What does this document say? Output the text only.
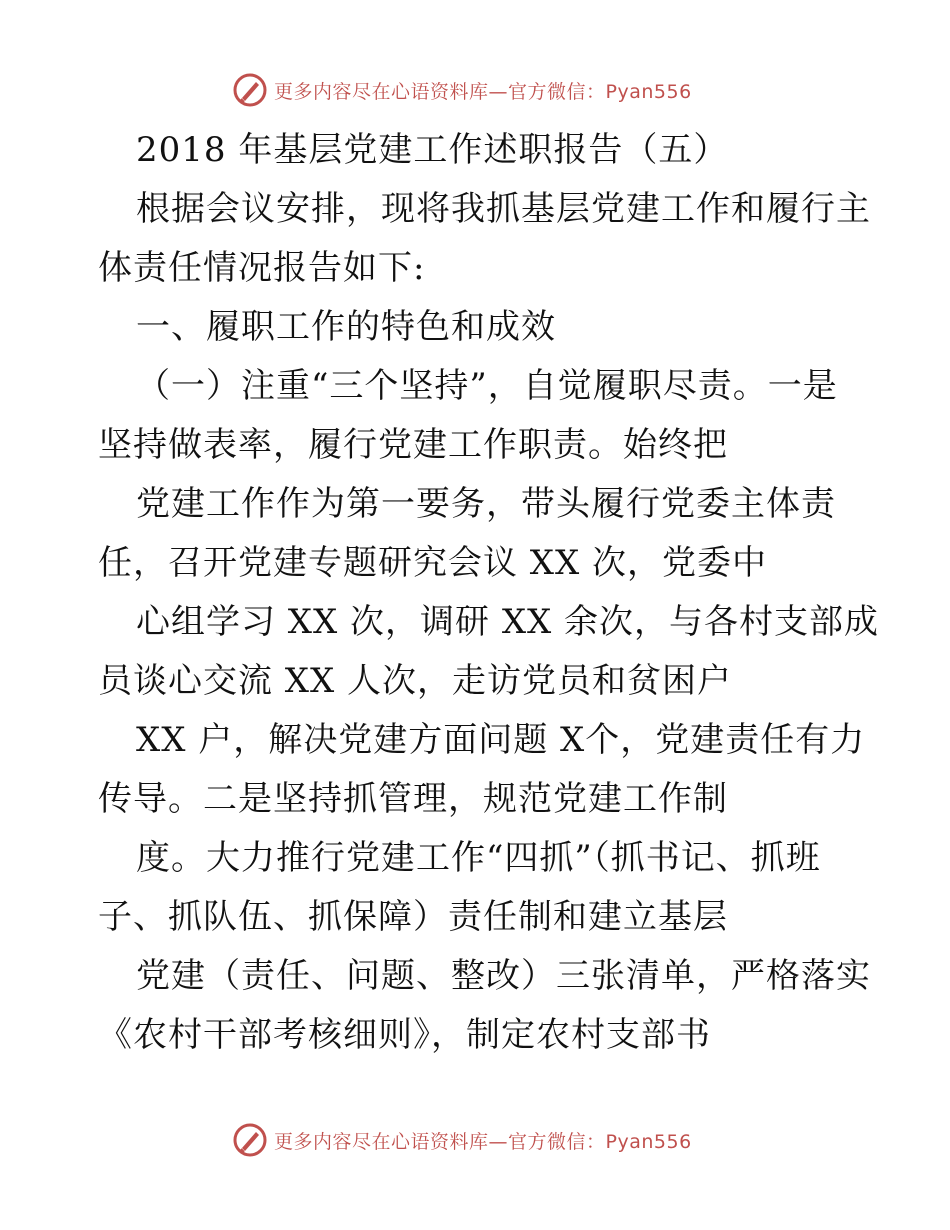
更多内容尽在心语资料库—官方微信：Pyan556
2018 年基层党建工作述职报告（五）
根据会议安排，现将我抓基层党建工作和履行主
体责任情况报告如下:
一、履职工作的特色和成效
（一）注重“三个坚持”，自觉履职尽责。一是
坚持做表率，履行党建工作职责。始终把
党建工作作为第一要务，带头履行党委主体责
任，召开党建专题研究会议 XX 次，党委中
心组学习 XX 次，调研 XX 余次，与各村支部成
员谈心交流 XX 人次，走访党员和贫困户
XX 户，解决党建方面问题 X个，党建责任有力
传导。二是坚持抓管理，规范党建工作制
度。大力推行党建工作“四抓”（抓书记、抓班
子、抓队伍、抓保障）责任制和建立基层
党建（责任、问题、整改）三张清单，严格落实
《农村干部考核细则》，制定农村支部书
更多内容尽在心语资料库—官方微信：Pyan556
